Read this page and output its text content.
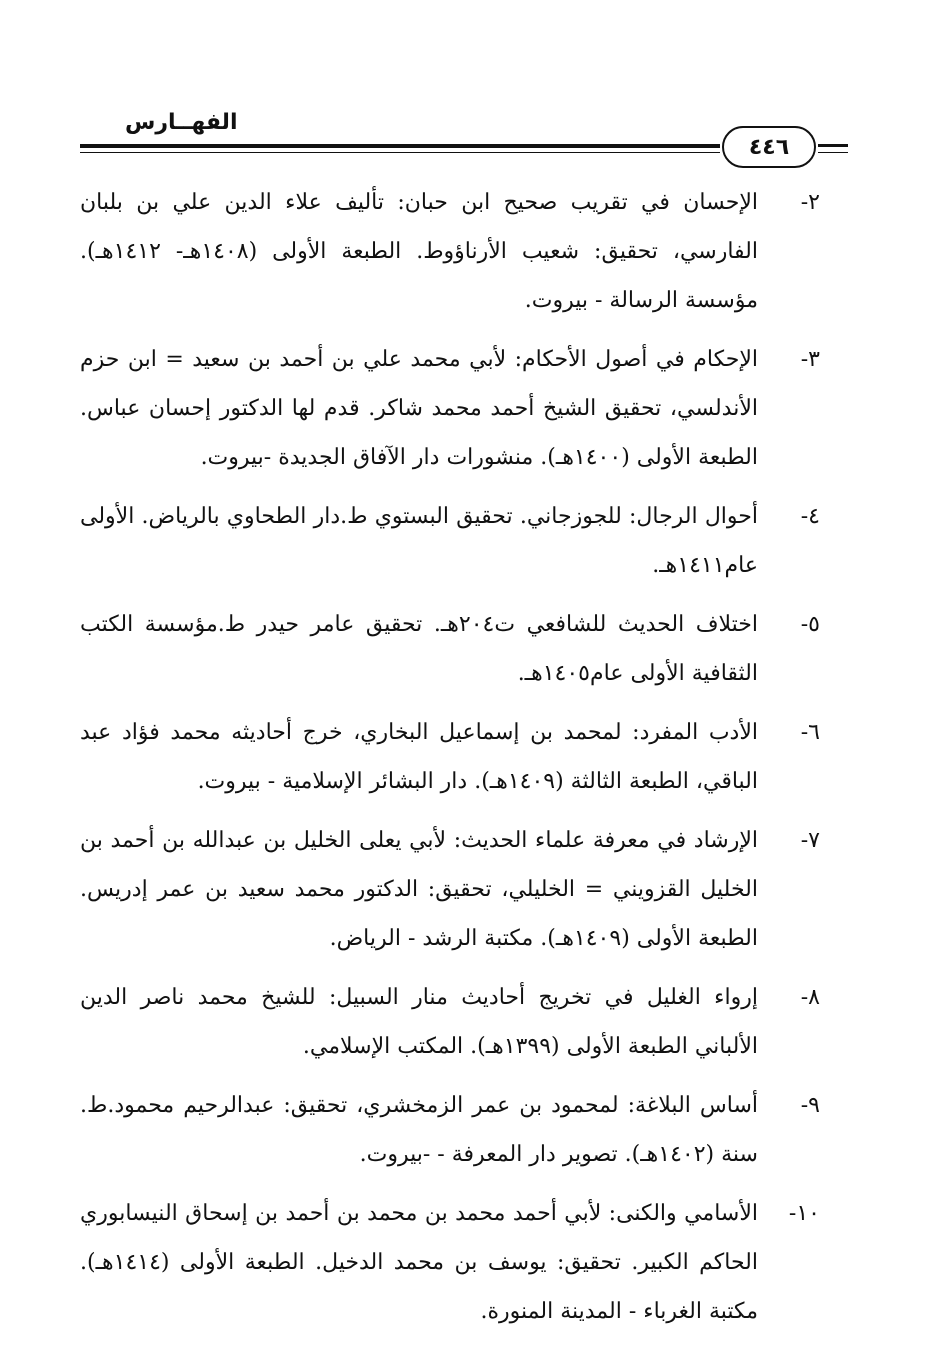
الفهــارس
٤٤٦
٢-
الإحسان في تقريب صحيح ابن حبان: تأليف علاء الدين علي بن بلبان الفارسي، تحقيق: شعيب الأرناؤوط. الطبعة الأولى (١٤٠٨هـ- ١٤١٢هـ). مؤسسة الرسالة - بيروت.
٣-
الإحكام في أصول الأحكام: لأبي محمد علي بن أحمد بن سعيد = ابن حزم الأندلسي، تحقيق الشيخ أحمد محمد شاكر. قدم لها الدكتور إحسان عباس. الطبعة الأولى (١٤٠٠هـ). منشورات دار الآفاق الجديدة -بيروت.
٤-
أحوال الرجال: للجوزجاني. تحقيق البستوي ط.دار الطحاوي بالرياض. الأولى عام١٤١١هـ.
٥-
اختلاف الحديث للشافعي ت٢٠٤هـ. تحقيق عامر حيدر ط.مؤسسة الكتب الثقافية الأولى عام١٤٠٥هـ.
٦-
الأدب المفرد: لمحمد بن إسماعيل البخاري، خرج أحاديثه محمد فؤاد عبد الباقي، الطبعة الثالثة (١٤٠٩هـ). دار البشائر الإسلامية - بيروت.
٧-
الإرشاد في معرفة علماء الحديث: لأبي يعلى الخليل بن عبدالله بن أحمد بن الخليل القزويني = الخليلي، تحقيق: الدكتور محمد سعيد بن عمر إدريس. الطبعة الأولى (١٤٠٩هـ). مكتبة الرشد - الرياض.
٨-
إرواء الغليل في تخريج أحاديث منار السبيل: للشيخ محمد ناصر الدين الألباني الطبعة الأولى (١٣٩٩هـ). المكتب الإسلامي.
٩-
أساس البلاغة: لمحمود بن عمر الزمخشري، تحقيق: عبدالرحيم محمود.ط. سنة (١٤٠٢هـ). تصوير دار المعرفة - -بيروت.
١٠-
الأسامي والكنى: لأبي أحمد محمد بن محمد بن أحمد بن إسحاق النيسابوري الحاكم الكبير. تحقيق: يوسف بن محمد الدخيل. الطبعة الأولى (١٤١٤هـ). مكتبة الغرباء - المدينة المنورة.
